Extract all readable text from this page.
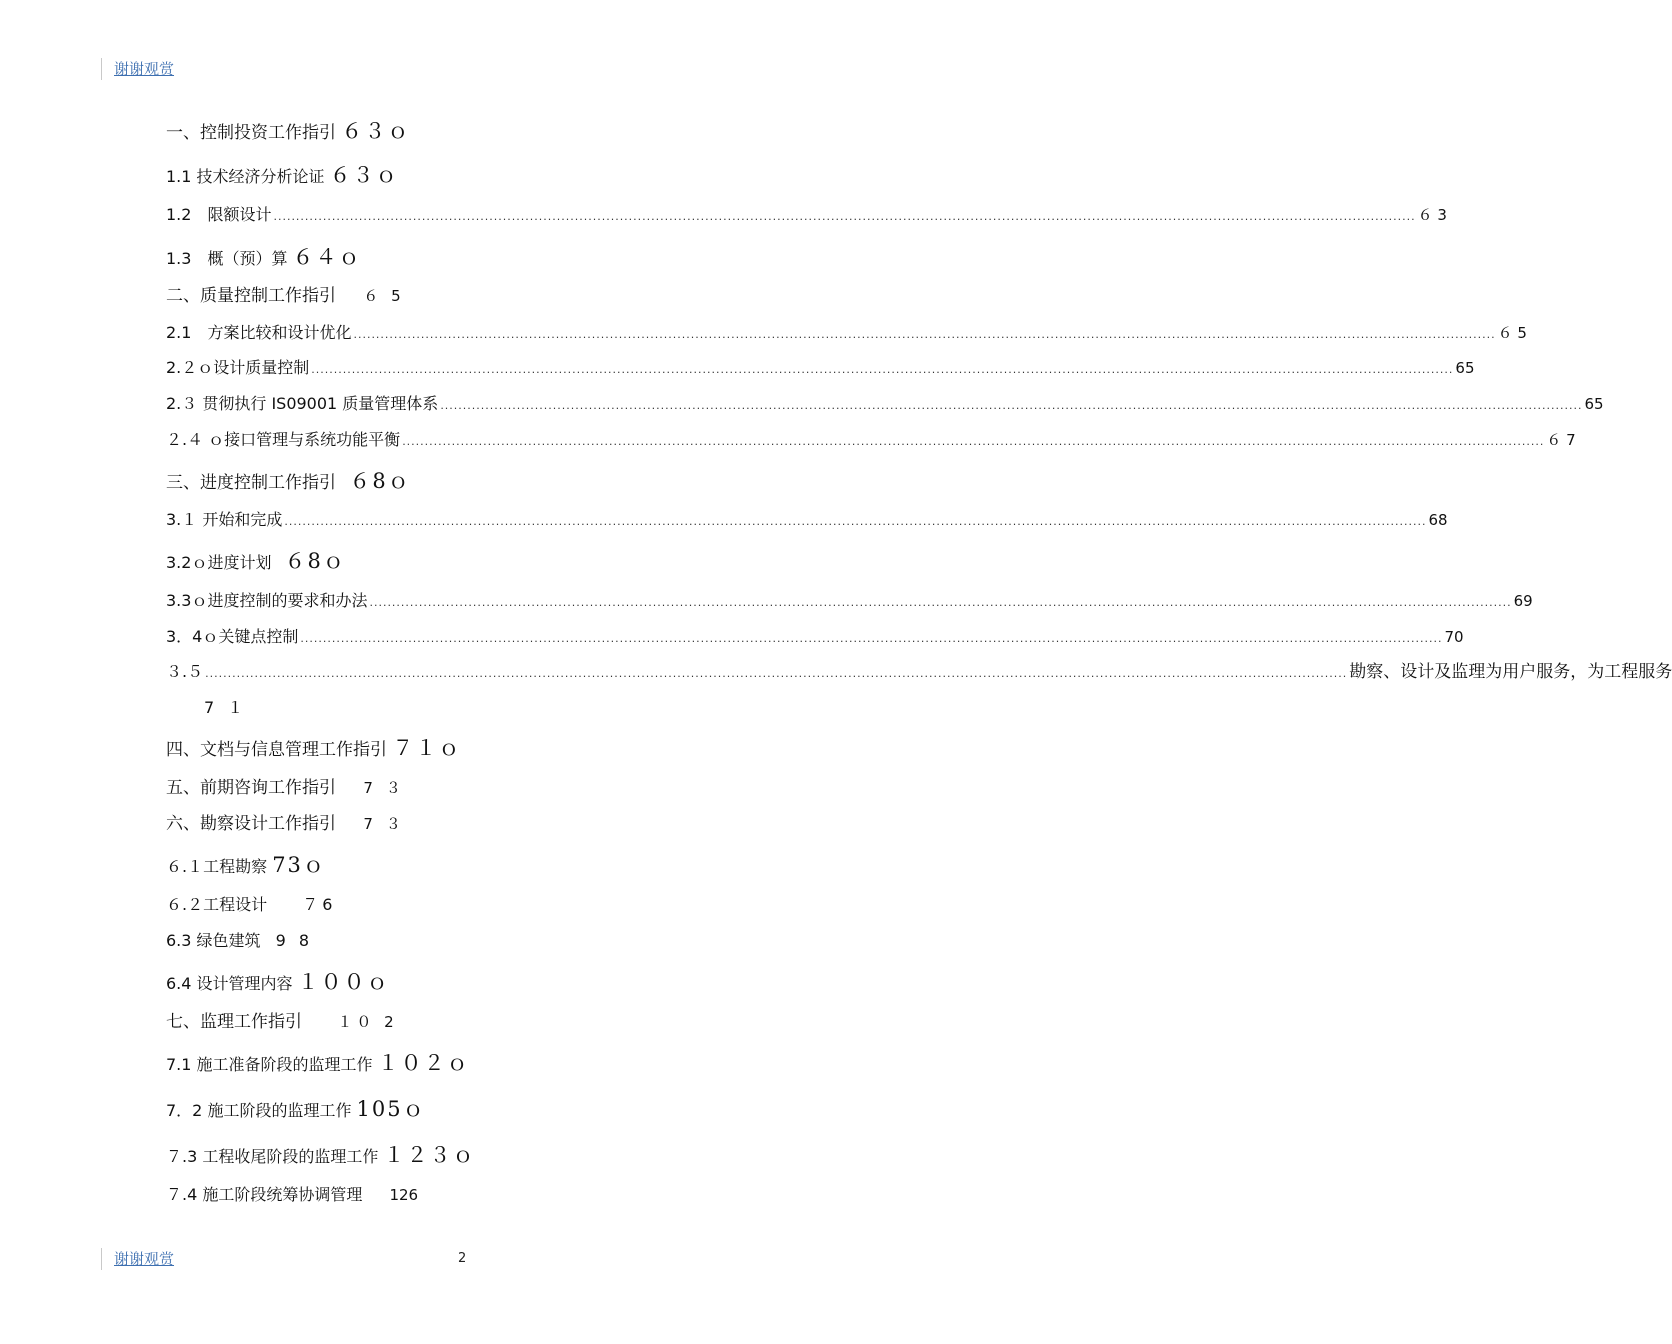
谢谢观赏
一、控制投资工作指引 ６３ｏ
1.1 技术经济分析论证 ６３ｏ
1.2　限额设计 .............................................................................................................................................................................................................................................................. ６ 3
1.3　概（预）算 ６４ｏ
二、质量控制工作指引 ６ 5
2.1　方案比较和设计优化 .............................................................................................................................................................................................................................................................. ６ 5
2.２ｏ设计质量控制 .............................................................................................................................................................................................................................................................. 65
2.３ 贯彻执行 IS09001 质量管理体系 .............................................................................................................................................................................................................................................................. 65
２.４ ｏ接口管理与系统功能平衡 .............................................................................................................................................................................................................................................................. ６ 7
三、进度控制工作指引 ６8ｏ
3.１ 开始和完成 .............................................................................................................................................................................................................................................................. 68
3.2ｏ进度计划 ６8ｏ
3.3ｏ进度控制的要求和办法 .............................................................................................................................................................................................................................................................. 69
3．4ｏ关键点控制 .............................................................................................................................................................................................................................................................. 70
３.５ .............................................................................................................................................................................................................................................................. 勘察、设计及监理为用户服务，为工程服务
7 １
四、文档与信息管理工作指引 ７１ｏ
五、前期咨询工作指引 7 ３
六、勘察设计工作指引 7 ３
６.１工程勘察 73ｏ
６.２工程设计 ７6
6.3 绿色建筑 9 8
6.4 设计管理内容 １００ｏ
七、监理工作指引 １０ 2
7.1 施工准备阶段的监理工作 １０２ｏ
7．2 施工阶段的监理工作 105ｏ
７.3 工程收尾阶段的监理工作 １２３ｏ
７.4 施工阶段统筹协调管理 126
谢谢观赏	2
